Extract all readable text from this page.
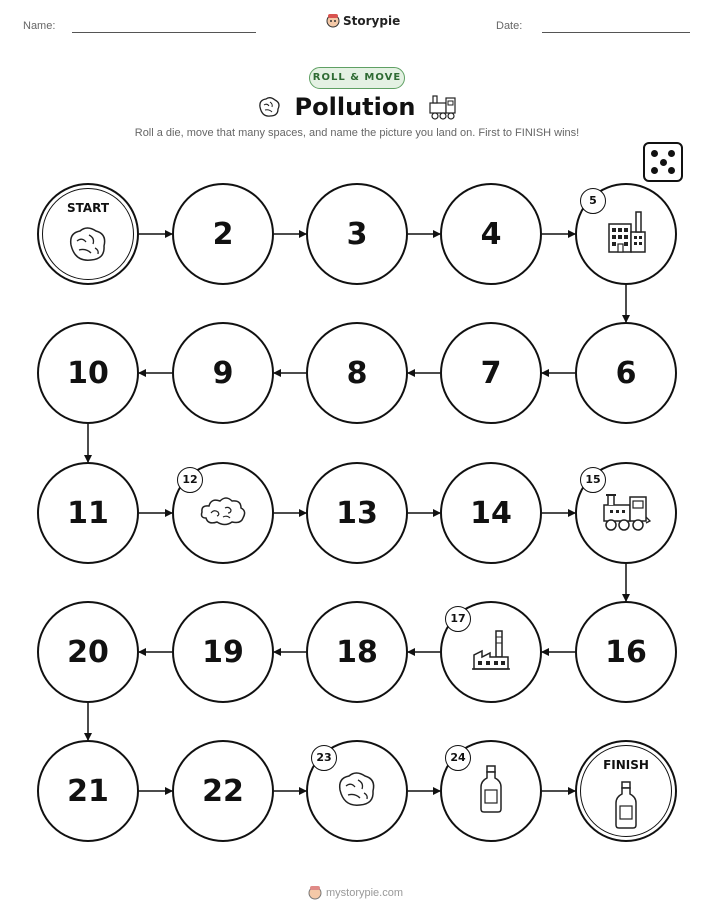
Name:	Storypie	Date:
ROLL & MOVE
Pollution
Roll a die, move that many spaces, and name the picture you land on. First to FINISH wins!
START
2	3	4
5
6
7
8
9
10
11
12
13	14
15
16
17
18
19
20
21	22
23	24
FINISH
mystorypie.com
